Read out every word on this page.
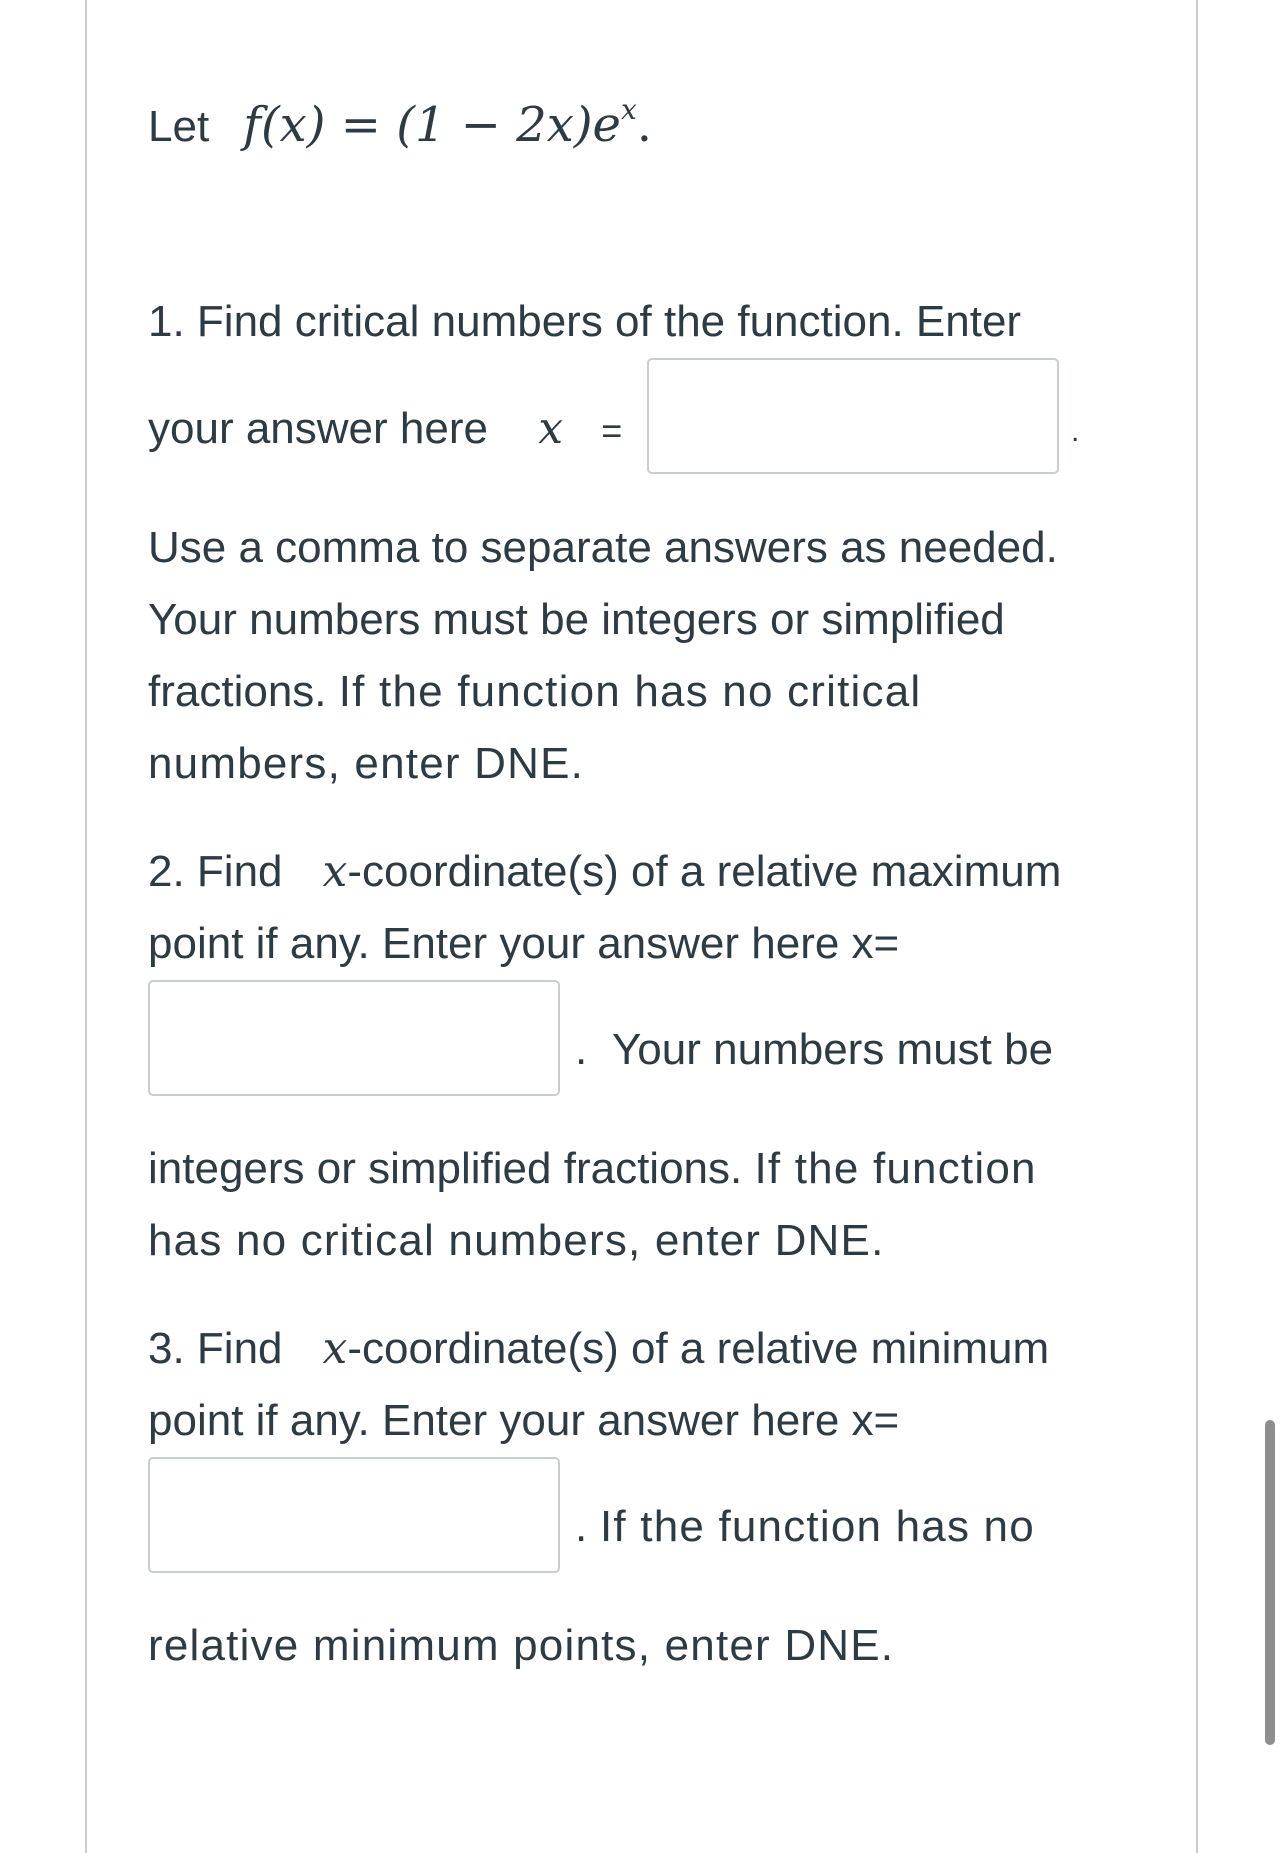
Let $f(x) = (1 - 2x)e^x$.
1. Find critical numbers of the function. Enter
your answer here x =	.
Use a comma to separate answers as needed.
Your numbers must be integers or simplified
fractions. If the function has no critical
numbers, enter DNE.
2. Find x-coordinate(s) of a relative maximum
point if any. Enter your answer here x=
. Your numbers must be
integers or simplified fractions. If the function
has no critical numbers, enter DNE.
3. Find x-coordinate(s) of a relative minimum
point if any. Enter your answer here x=
. If the function has no
relative minimum points, enter DNE.
